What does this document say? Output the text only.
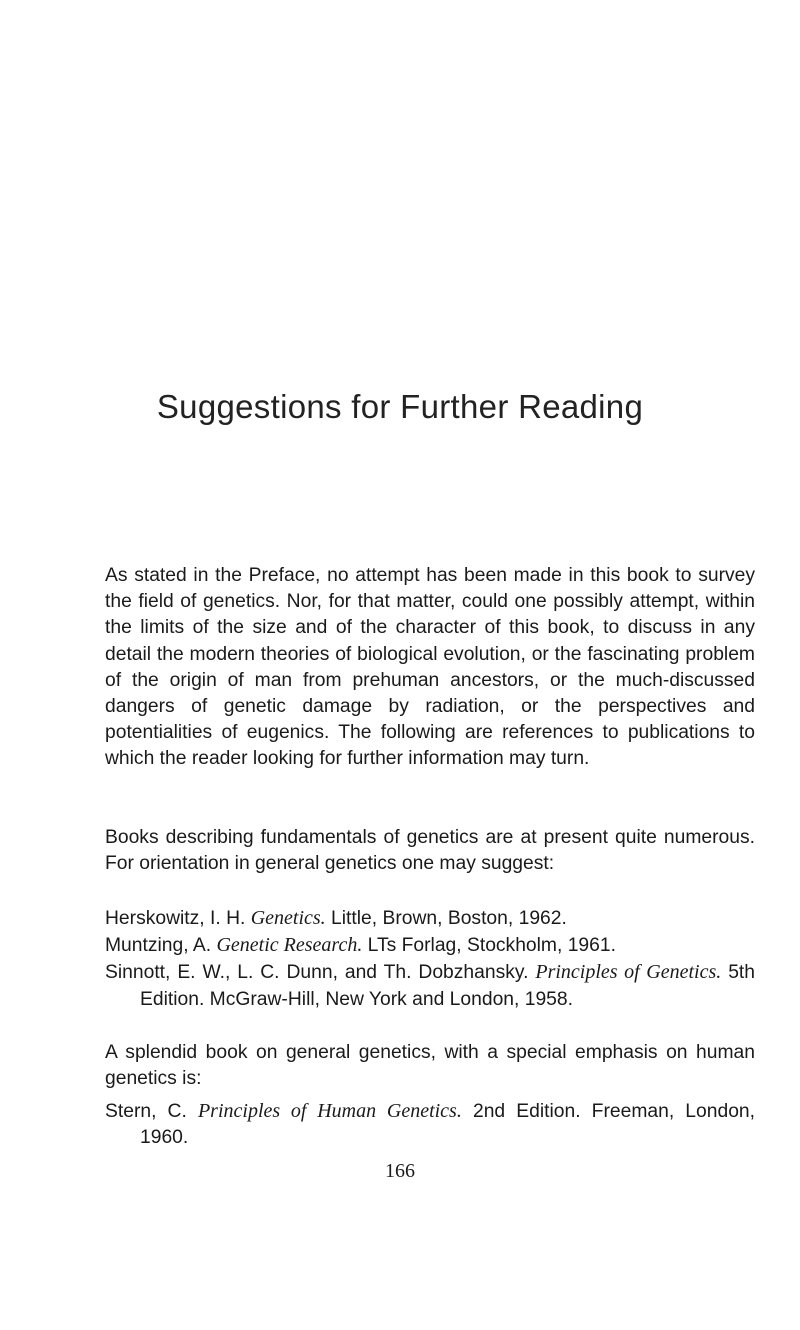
Suggestions for Further Reading

As stated in the Preface, no attempt has been made in this book to survey the field of genetics. Nor, for that matter, could one possibly attempt, within the limits of the size and of the character of this book, to discuss in any detail the modern theories of biological evolution, or the fascinating problem of the origin of man from prehuman ancestors, or the much-discussed dangers of genetic damage by radiation, or the perspectives and potentialities of eugenics. The following are references to publications to which the reader looking for further information may turn.

Books describing fundamentals of genetics are at present quite numerous. For orientation in general genetics one may suggest:

Herskowitz, I. H. Genetics. Little, Brown, Boston, 1962.

Muntzing, A. Genetic Research. LTs Forlag, Stockholm, 1961.

Sinnott, E. W., L. C. Dunn, and Th. Dobzhansky. Principles of Genetics. 5th Edition. McGraw-Hill, New York and London, 1958.

A splendid book on general genetics, with a special emphasis on human genetics is:

Stern, C. Principles of Human Genetics. 2nd Edition. Freeman, London, 1960.

166
